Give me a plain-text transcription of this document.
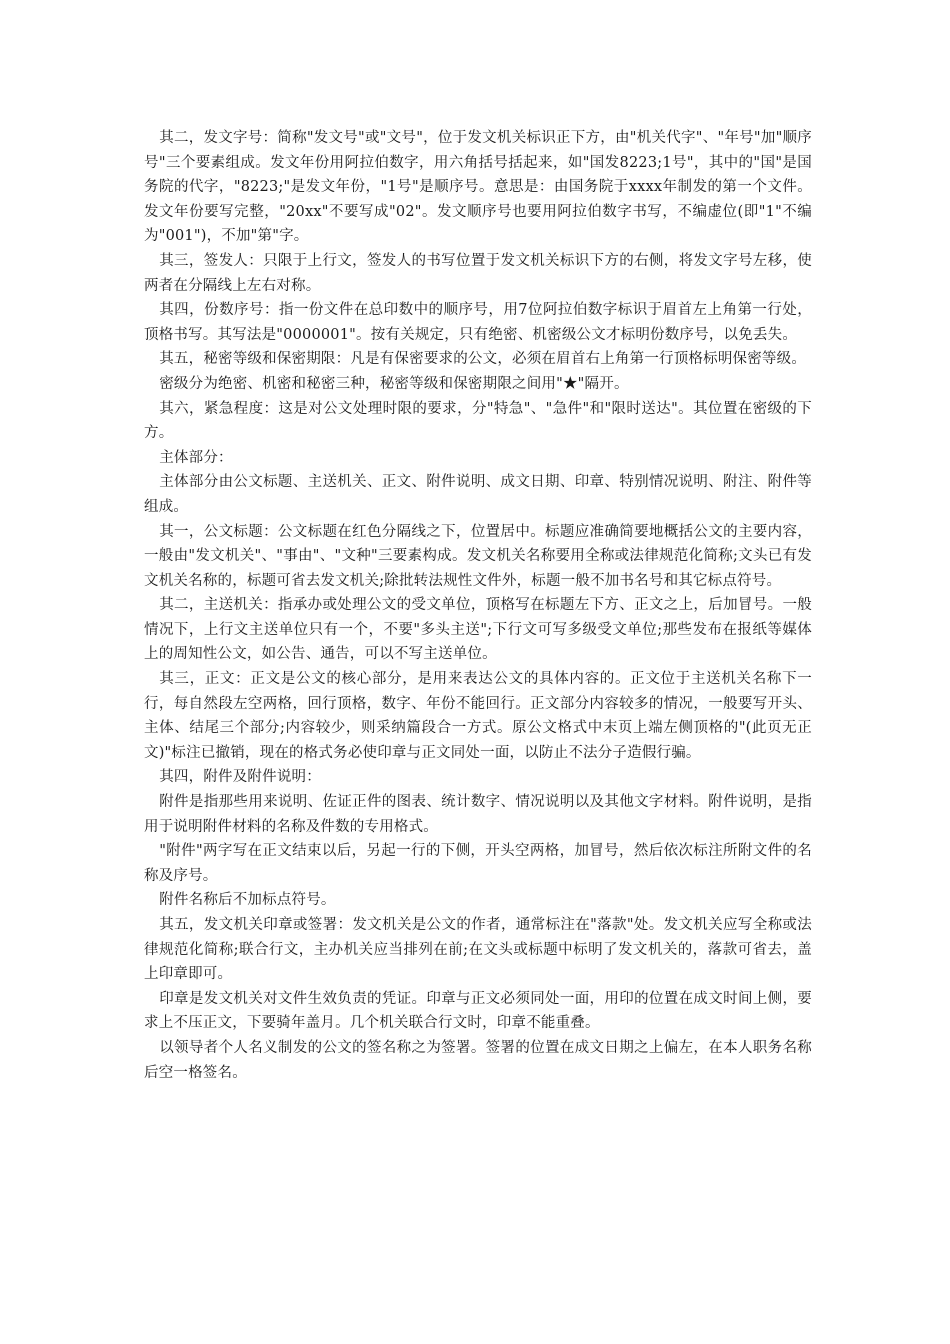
其二，发文字号：简称"发文号"或"文号"，位于发文机关标识正下方，由"机关代字"、"年号"加"顺序号"三个要素组成。发文年份用阿拉伯数字，用六角括号括起来，如"国发8223;1号"，其中的"国"是国务院的代字，"8223;"是发文年份，"1号"是顺序号。意思是：由国务院于xxxx年制发的第一个文件。发文年份要写完整，"20xx"不要写成"02"。发文顺序号也要用阿拉伯数字书写，不编虚位(即"1"不编为"001")，不加"第"字。

其三，签发人：只限于上行文，签发人的书写位置于发文机关标识下方的右侧，将发文字号左移，使两者在分隔线上左右对称。

其四，份数序号：指一份文件在总印数中的顺序号，用7位阿拉伯数字标识于眉首左上角第一行处，顶格书写。其写法是"0000001"。按有关规定，只有绝密、机密级公文才标明份数序号，以免丢失。

其五，秘密等级和保密期限：凡是有保密要求的公文，必须在眉首右上角第一行顶格标明保密等级。

密级分为绝密、机密和秘密三种，秘密等级和保密期限之间用"★"隔开。

其六，紧急程度：这是对公文处理时限的要求，分"特急"、"急件"和"限时送达"。其位置在密级的下方。

主体部分：

主体部分由公文标题、主送机关、正文、附件说明、成文日期、印章、特别情况说明、附注、附件等组成。

其一，公文标题：公文标题在红色分隔线之下，位置居中。标题应准确简要地概括公文的主要内容，一般由"发文机关"、"事由"、"文种"三要素构成。发文机关名称要用全称或法律规范化简称;文头已有发文机关名称的，标题可省去发文机关;除批转法规性文件外，标题一般不加书名号和其它标点符号。

其二，主送机关：指承办或处理公文的受文单位，顶格写在标题左下方、正文之上，后加冒号。一般情况下，上行文主送单位只有一个，不要"多头主送";下行文可写多级受文单位;那些发布在报纸等媒体上的周知性公文，如公告、通告，可以不写主送单位。

其三，正文：正文是公文的核心部分，是用来表达公文的具体内容的。正文位于主送机关名称下一行，每自然段左空两格，回行顶格，数字、年份不能回行。正文部分内容较多的情况，一般要写开头、主体、结尾三个部分;内容较少，则采纳篇段合一方式。原公文格式中末页上端左侧顶格的"(此页无正文)"标注已撤销，现在的格式务必使印章与正文同处一面，以防止不法分子造假行骗。

其四，附件及附件说明：

附件是指那些用来说明、佐证正件的图表、统计数字、情况说明以及其他文字材料。附件说明，是指用于说明附件材料的名称及件数的专用格式。

"附件"两字写在正文结束以后，另起一行的下侧，开头空两格，加冒号，然后依次标注所附文件的名称及序号。

附件名称后不加标点符号。

其五，发文机关印章或签署：发文机关是公文的作者，通常标注在"落款"处。发文机关应写全称或法律规范化简称;联合行文，主办机关应当排列在前;在文头或标题中标明了发文机关的，落款可省去，盖上印章即可。

印章是发文机关对文件生效负责的凭证。印章与正文必须同处一面，用印的位置在成文时间上侧，要求上不压正文，下要骑年盖月。几个机关联合行文时，印章不能重叠。

以领导者个人名义制发的公文的签名称之为签署。签署的位置在成文日期之上偏左，在本人职务名称后空一格签名。
